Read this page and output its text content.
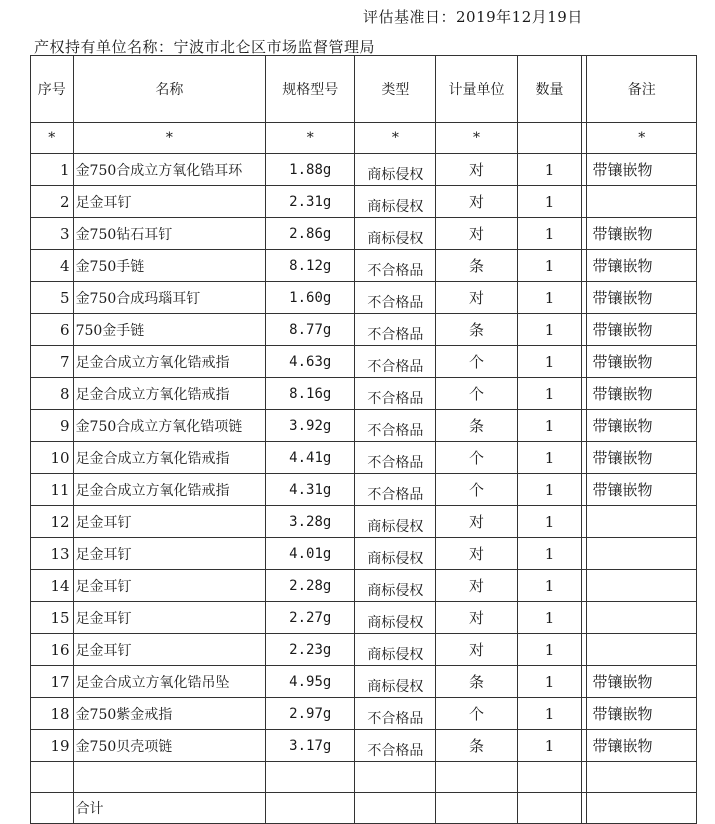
评估基准日：2019年12月19日
产权持有单位名称：宁波市北仑区市场监督管理局
序号	名称	规格型号	类型	计量单位	数量		备注
*	*	*	*	*			*
1	金750合成立方氧化锆耳环	1.88g	商标侵权	对	1		带镶嵌物
2	足金耳钉	2.31g	商标侵权	对	1		
3	金750钻石耳钉	2.86g	商标侵权	对	1		带镶嵌物
4	金750手链	8.12g	不合格品	条	1		带镶嵌物
5	金750合成玛瑙耳钉	1.60g	不合格品	对	1		带镶嵌物
6	750金手链	8.77g	不合格品	条	1		带镶嵌物
7	足金合成立方氧化锆戒指	4.63g	不合格品	个	1		带镶嵌物
8	足金合成立方氧化锆戒指	8.16g	不合格品	个	1		带镶嵌物
9	金750合成立方氧化锆项链	3.92g	不合格品	条	1		带镶嵌物
10	足金合成立方氧化锆戒指	4.41g	不合格品	个	1		带镶嵌物
11	足金合成立方氧化锆戒指	4.31g	不合格品	个	1		带镶嵌物
12	足金耳钉	3.28g	商标侵权	对	1		
13	足金耳钉	4.01g	商标侵权	对	1		
14	足金耳钉	2.28g	商标侵权	对	1		
15	足金耳钉	2.27g	商标侵权	对	1		
16	足金耳钉	2.23g	商标侵权	对	1		
17	足金合成立方氧化锆吊坠	4.95g	商标侵权	条	1		带镶嵌物
18	金750紫金戒指	2.97g	不合格品	个	1		带镶嵌物
19	金750贝壳项链	3.17g	不合格品	条	1		带镶嵌物

	合计						
